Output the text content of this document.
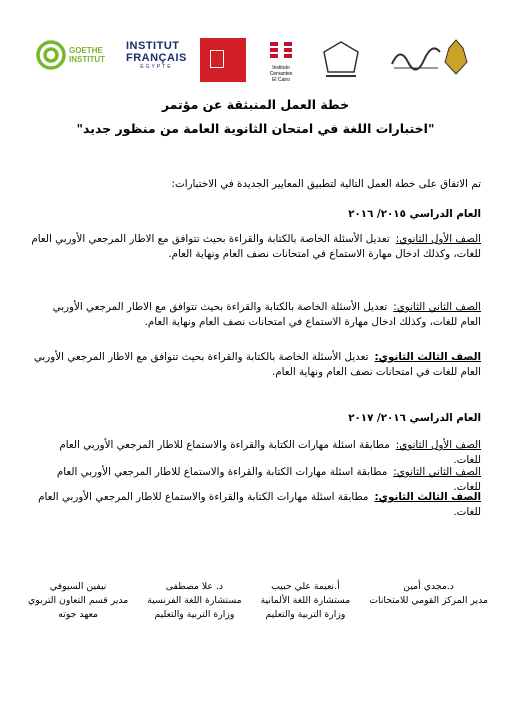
GOETHE
INSTITUT
INSTITUT
FRANÇAIS
EGYPTE	Instituto
Cervantes
El Cairo
خطة العمل المنبثقة عن مؤتمر
"اختبارات اللغة في امتحان الثانوية العامة من منظور جديد"
تم الاتفاق على خطة العمل التالية لتطبيق المعايير الجديدة في الاختبارات:
العام الدراسي ٢٠١٥/ ٢٠١٦
الصف الأول الثانوي:تعديل الأسئلة الخاصة بالكتابة والقراءة بحيث تتوافق مع الاطار المرجعي الأوربي العام للغات، وكذلك ادخال مهارة الاستماع في امتحانات نصف العام ونهاية العام.
الصف الثاني الثانوي:تعديل الأسئلة الخاصة بالكتابة والقراءة بحيث تتوافق مع الاطار المرجعي الأوربي العام للغات، وكذلك ادخال مهارة الاستماع في امتحانات نصف العام ونهاية العام.
الصف الثالث الثانوي:تعديل الأسئلة الخاصة بالكتابة والقراءة بحيث تتوافق مع الاطار المرجعي الأوربي العام للغات في امتحانات نصف العام ونهاية العام.
العام الدراسي ٢٠١٦/ ٢٠١٧
الصف الأول الثانوي:مطابقة اسئلة مهارات الكتابة والقراءة والاستماع للاطار المرجعي الأوربي العام للغات.
الصف الثاني الثانوي:مطابقة اسئلة مهارات الكتابة والقراءة والاستماع للاطار المرجعي الأوربي العام للغات.
الصف الثالث الثانوي:مطابقة اسئلة مهارات الكتابة والقراءة والاستماع للاطار المرجعي الأوربي العام للغات.
د.مجدي أمين
مدير المركز القومي للامتحانات
أ.نعيمة علي حبيب
مستشارة اللغة الألمانية
وزارة التربية والتعليم
د. علا مصطفى
مستشارة اللغة الفرنسية
وزارة التربية والتعليم
نيفين السيوفي
مدير قسم التعاون التربوي
معهد جوته
